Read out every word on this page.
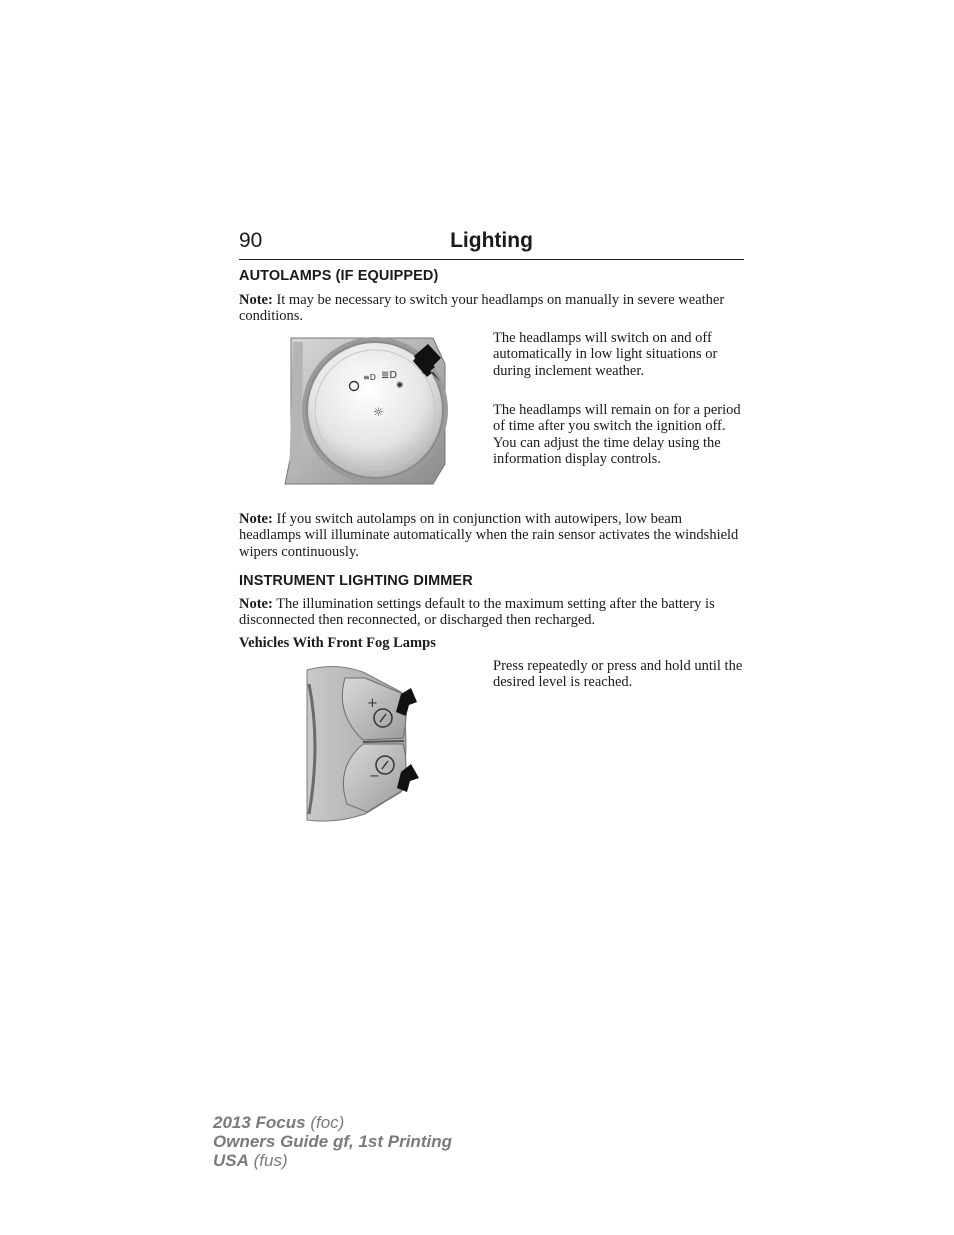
90	Lighting
AUTOLAMPS (IF EQUIPPED)
Note: It may be necessary to switch your headlamps on manually in severe weather conditions.
≡D ≣D
✺
☼
The headlamps will switch on and off automatically in low light situations or during inclement weather.
The headlamps will remain on for a period of time after you switch the ignition off. You can adjust the time delay using the information display controls.
Note: If you switch autolamps on in conjunction with autowipers, low beam headlamps will illuminate automatically when the rain sensor activates the windshield wipers continuously.
INSTRUMENT LIGHTING DIMMER
Note: The illumination settings default to the maximum setting after the battery is disconnected then reconnected, or discharged then recharged.
Vehicles With Front Fog Lamps
+
−
Press repeatedly or press and hold until the desired level is reached.
2013 Focus (foc)
Owners Guide gf, 1st Printing
USA (fus)
